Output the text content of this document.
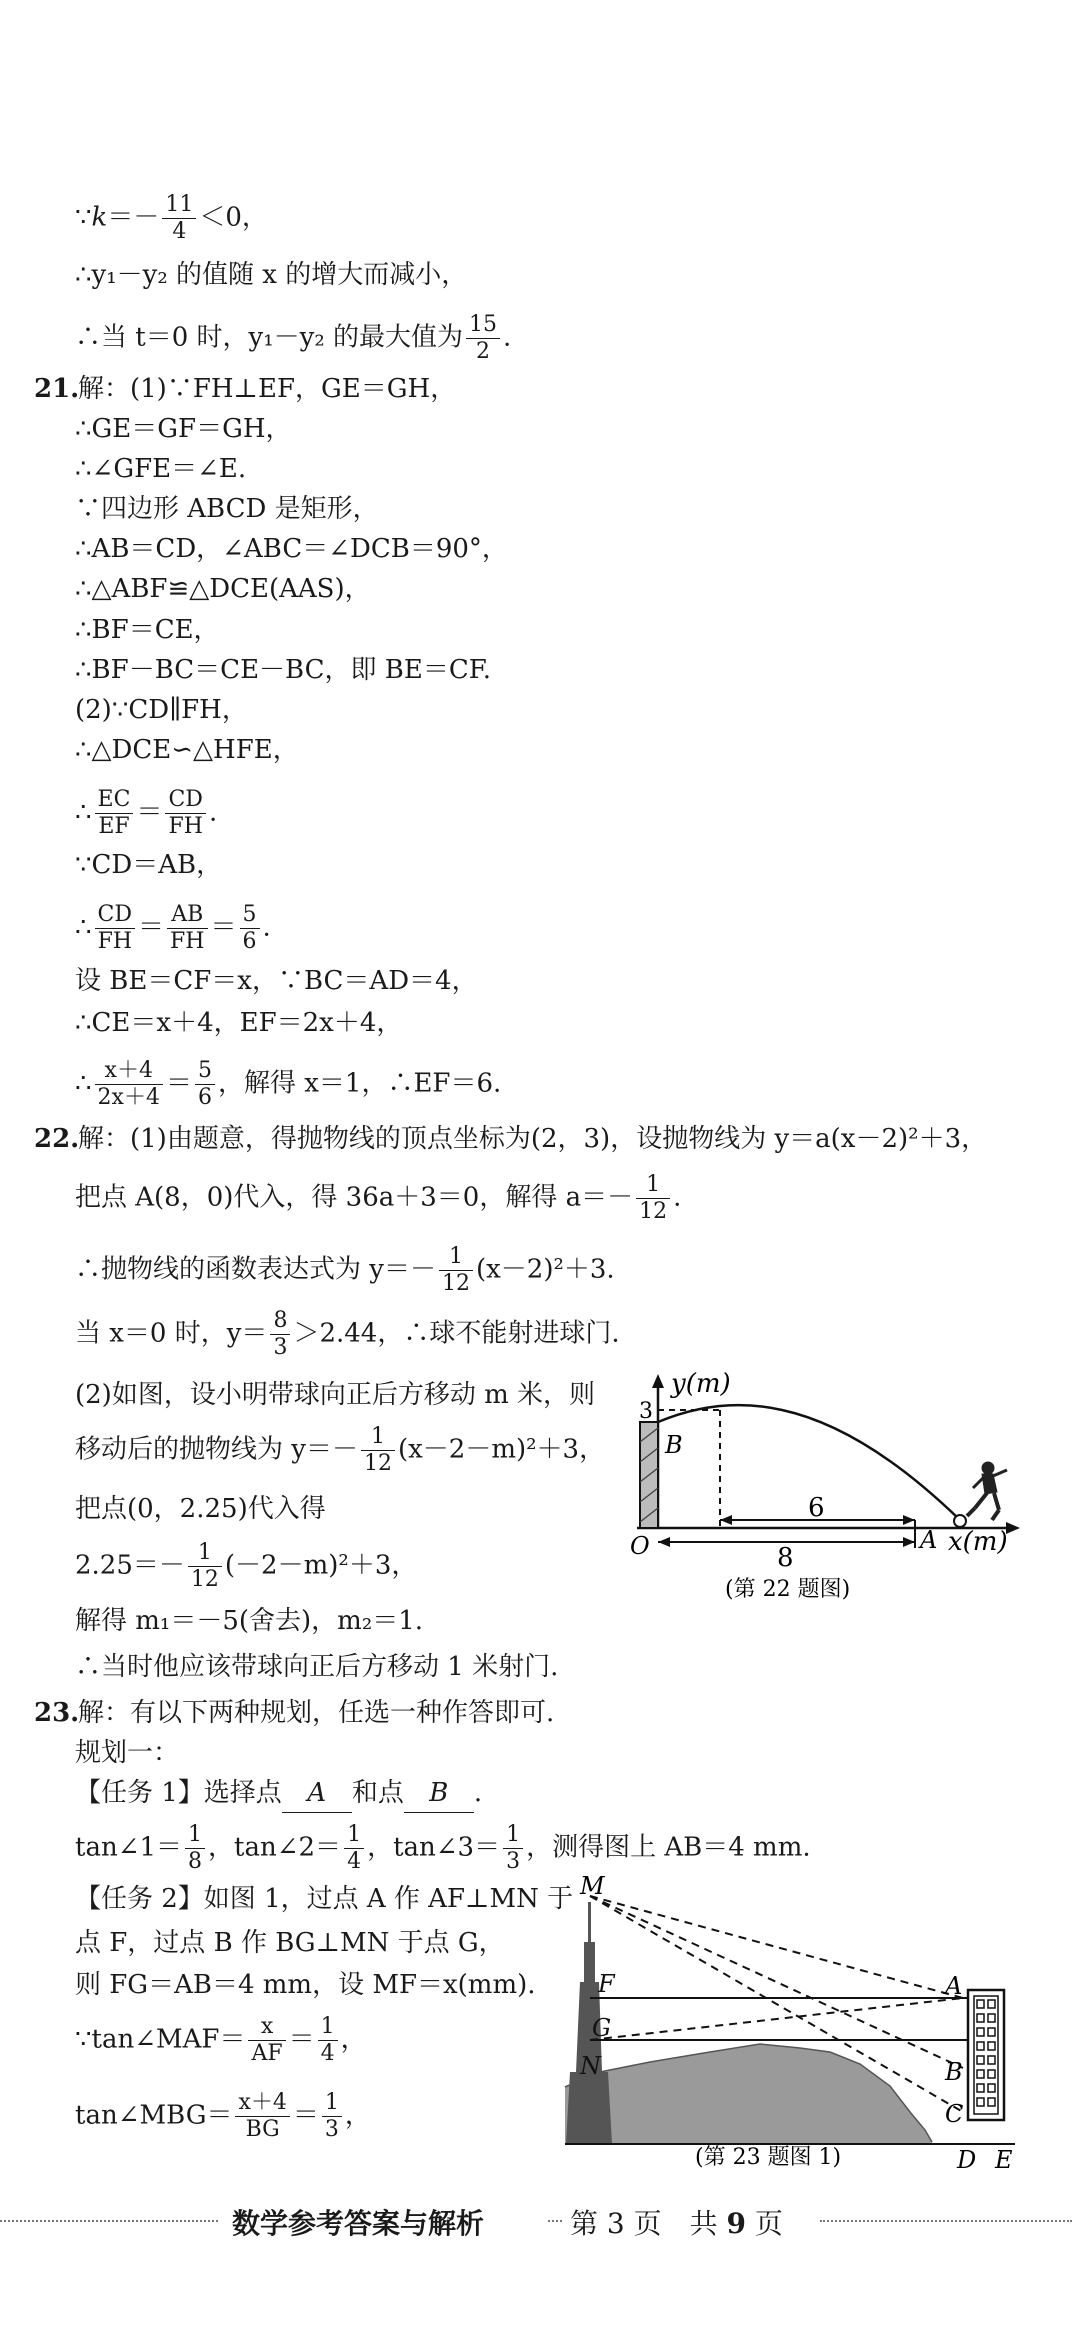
∵k＝－ $\frac{11}{4} <0$，
∴y₁－y₂ 的值随 x 的增大而减小，
∴当 t＝0 时，y₁－y₂ 的最大值为 $\frac{15}{2}$ .
21.
解：(1)∵FH⊥EF，GE＝GH，
∴GE＝GF＝GH，
∴∠GFE＝∠E.
∵四边形 ABCD 是矩形，
∴AB＝CD，∠ABC＝∠DCB＝90°，
∴△ABF≌△DCE(AAS)，
∴BF＝CE，
∴BF－BC＝CE－BC，即 BE＝CF.
(2)∵CD∥FH，
∴△DCE∽△HFE，
∴ $\frac{EC}{EF} = \frac{CD}{FH}$ .
∵CD＝AB，
∴ $\frac{CD}{FH} = \frac{AB}{FH} = \frac{5}{6}$ .
设 BE＝CF＝x，∵BC＝AD＝4，
∴CE＝x＋4，EF＝2x＋4，
∴ $\frac{x+4}{2x+4} = \frac{5}{6}$ ，解得 x＝1，∴EF＝6.
22.
解：(1)由题意，得抛物线的顶点坐标为(2，3)，设抛物线为 y＝a(x－2)²＋3，
把点 A(8，0)代入，得 36a＋3＝0，解得 $a=- \frac{1}{12}$ .
∴抛物线的函数表达式为 $y=- \frac{1}{12} (x-2)^2+3$.
当 x＝0 时，$y= \frac{8}{3} >2.44$，∴球不能射进球门.
(2)如图，设小明带球向正后方移动 m 米，则
移动后的抛物线为 $y=- \frac{1}{12} (x-2-m)^2+3$，
把点(0，2.25)代入得
$2.25=- \frac{1}{12} (-2-m)^2+3$，
解得 m₁＝－5(舍去)，m₂＝1.
∴当时他应该带球向正后方移动 1 米射门.
y(m)
3
B
O	8
6
A x(m)
(第 22 题图)
23.
解：有以下两种规划，任选一种作答即可.
规划一：
【任务 1】选择点 A 和点 B .
tan∠1＝ $\frac{1}{8}$ ，tan∠2＝ $\frac{1}{4}$ ，tan∠3＝ $\frac{1}{3}$ ，测得图上 AB＝4 mm.
【任务 2】如图 1，过点 A 作 AF⊥MN 于
点 F，过点 B 作 BG⊥MN 于点 G，
则 FG＝AB＝4 mm，设 MF＝x(mm).
∵tan∠MAF＝ $\frac{x}{AF} = \frac{1}{4}$ ，
tan∠MBG＝ $\frac{x+4}{BG} = \frac{1}{3}$ ，
M
F
G
N
A
B
C
D E
(第 23 题图 1)
数学参考答案与解析	第 3 页　共 9 页
